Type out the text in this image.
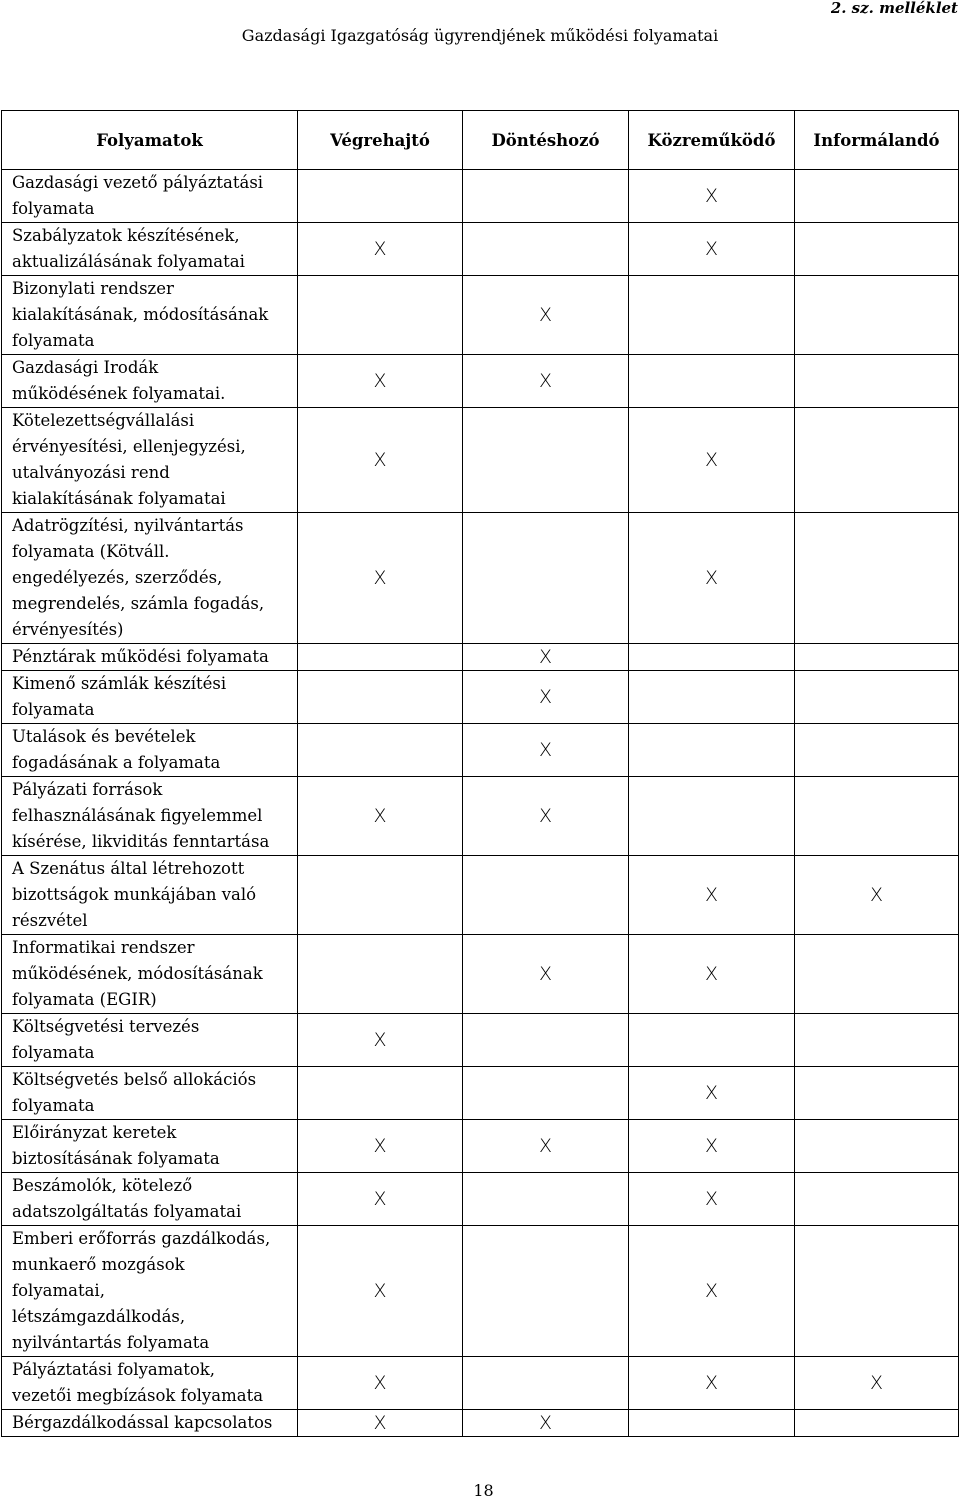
2. sz. melléklet
Gazdasági Igazgatóság ügyrendjének működési folyamatai
Folyamatok	Végrehajtó	Döntéshozó	Közreműködő	Informálandó
Gazdasági vezető pályáztatási
folyamata			X	
Szabályzatok készítésének,
aktualizálásának folyamatai	X		X	
Bizonylati rendszer
kialakításának, módosításának
folyamata		X		
Gazdasági Irodák
működésének folyamatai.	X	X		
Kötelezettségvállalási
érvényesítési, ellenjegyzési,
utalványozási rend
kialakításának folyamatai	X		X	
Adatrögzítési, nyilvántartás
folyamata (Kötváll.
engedélyezés, szerződés,
megrendelés, számla fogadás,
érvényesítés)	X		X	
Pénztárak működési folyamata		X		
Kimenő számlák készítési
folyamata		X		
Utalások és bevételek
fogadásának a folyamata		X		
Pályázati források
felhasználásának figyelemmel
kísérése, likviditás fenntartása	X	X		
A Szenátus által létrehozott
bizottságok munkájában való
részvétel			X	X
Informatikai rendszer
működésének, módosításának
folyamata (EGIR)		X	X	
Költségvetési tervezés
folyamata	X			
Költségvetés belső allokációs
folyamata			X	
Előirányzat keretek
biztosításának folyamata	X	X	X	
Beszámolók, kötelező
adatszolgáltatás folyamatai	X		X	
Emberi erőforrás gazdálkodás,
munkaerő mozgások
folyamatai,
létszámgazdálkodás,
nyilvántartás folyamata	X		X	
Pályáztatási folyamatok,
vezetői megbízások folyamata	X		X	X
Bérgazdálkodással kapcsolatos	X	X		
18
